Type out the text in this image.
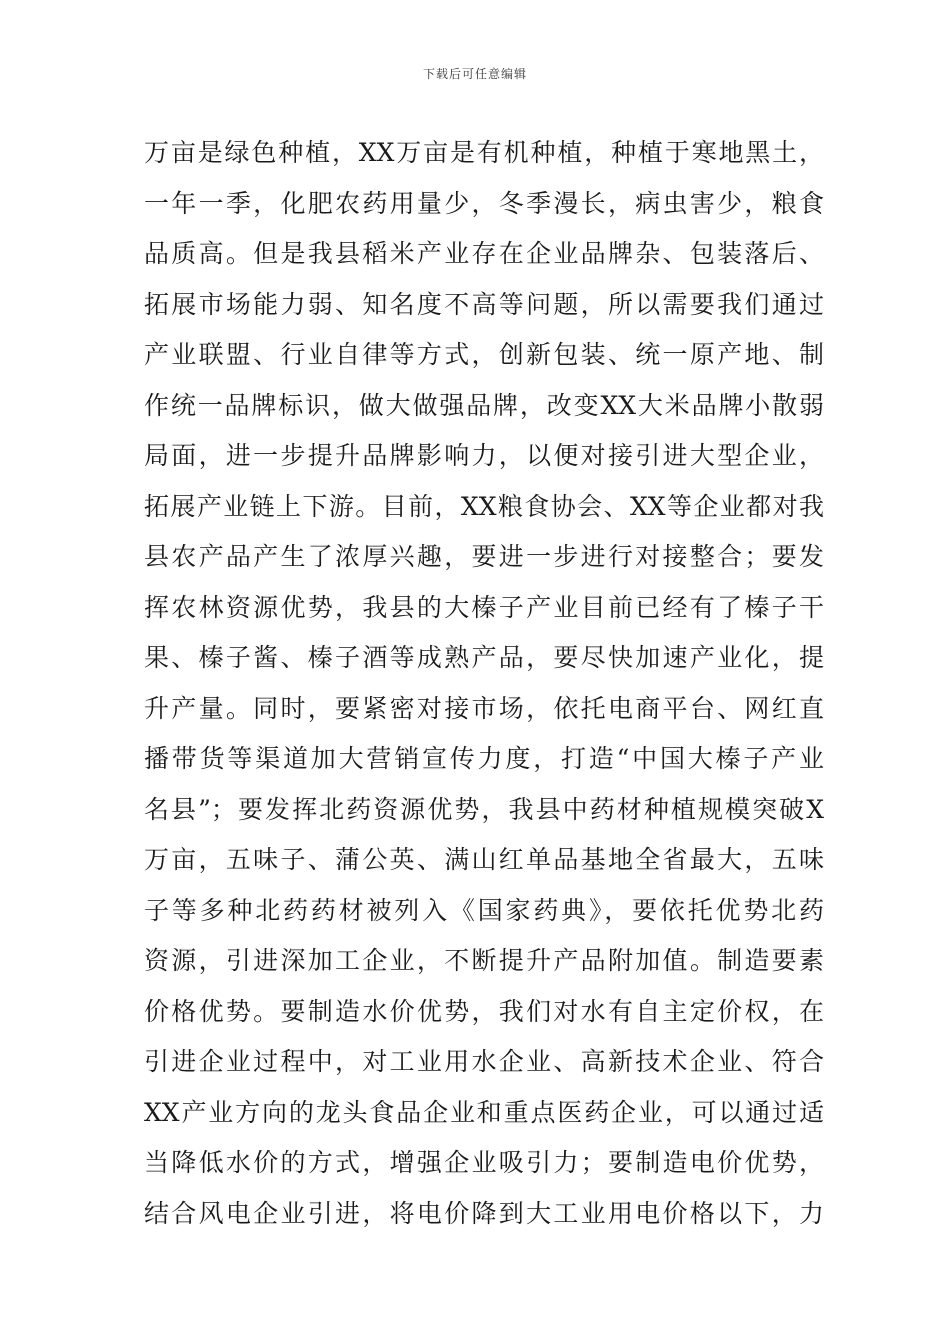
下载后可任意编辑
万亩是绿色种植，XX万亩是有机种植，种植于寒地黑土，
一年一季，化肥农药用量少，冬季漫长，病虫害少，粮食
品质高。但是我县稻米产业存在企业品牌杂、包装落后、
拓展市场能力弱、知名度不高等问题，所以需要我们通过
产业联盟、行业自律等方式，创新包装、统一原产地、制
作统一品牌标识，做大做强品牌，改变XX大米品牌小散弱
局面，进一步提升品牌影响力，以便对接引进大型企业，
拓展产业链上下游。目前，XX粮食协会、XX等企业都对我
县农产品产生了浓厚兴趣，要进一步进行对接整合；要发
挥农林资源优势，我县的大榛子产业目前已经有了榛子干
果、榛子酱、榛子酒等成熟产品，要尽快加速产业化，提
升产量。同时，要紧密对接市场，依托电商平台、网红直
播带货等渠道加大营销宣传力度，打造“中国大榛子产业
名县”；要发挥北药资源优势，我县中药材种植规模突破X
万亩，五味子、蒲公英、满山红单品基地全省最大，五味
子等多种北药药材被列入《国家药典》，要依托优势北药
资源，引进深加工企业，不断提升产品附加值。制造要素
价格优势。要制造水价优势，我们对水有自主定价权，在
引进企业过程中，对工业用水企业、高新技术企业、符合
XX产业方向的龙头食品企业和重点医药企业，可以通过适
当降低水价的方式，增强企业吸引力；要制造电价优势，
结合风电企业引进，将电价降到大工业用电价格以下，力
